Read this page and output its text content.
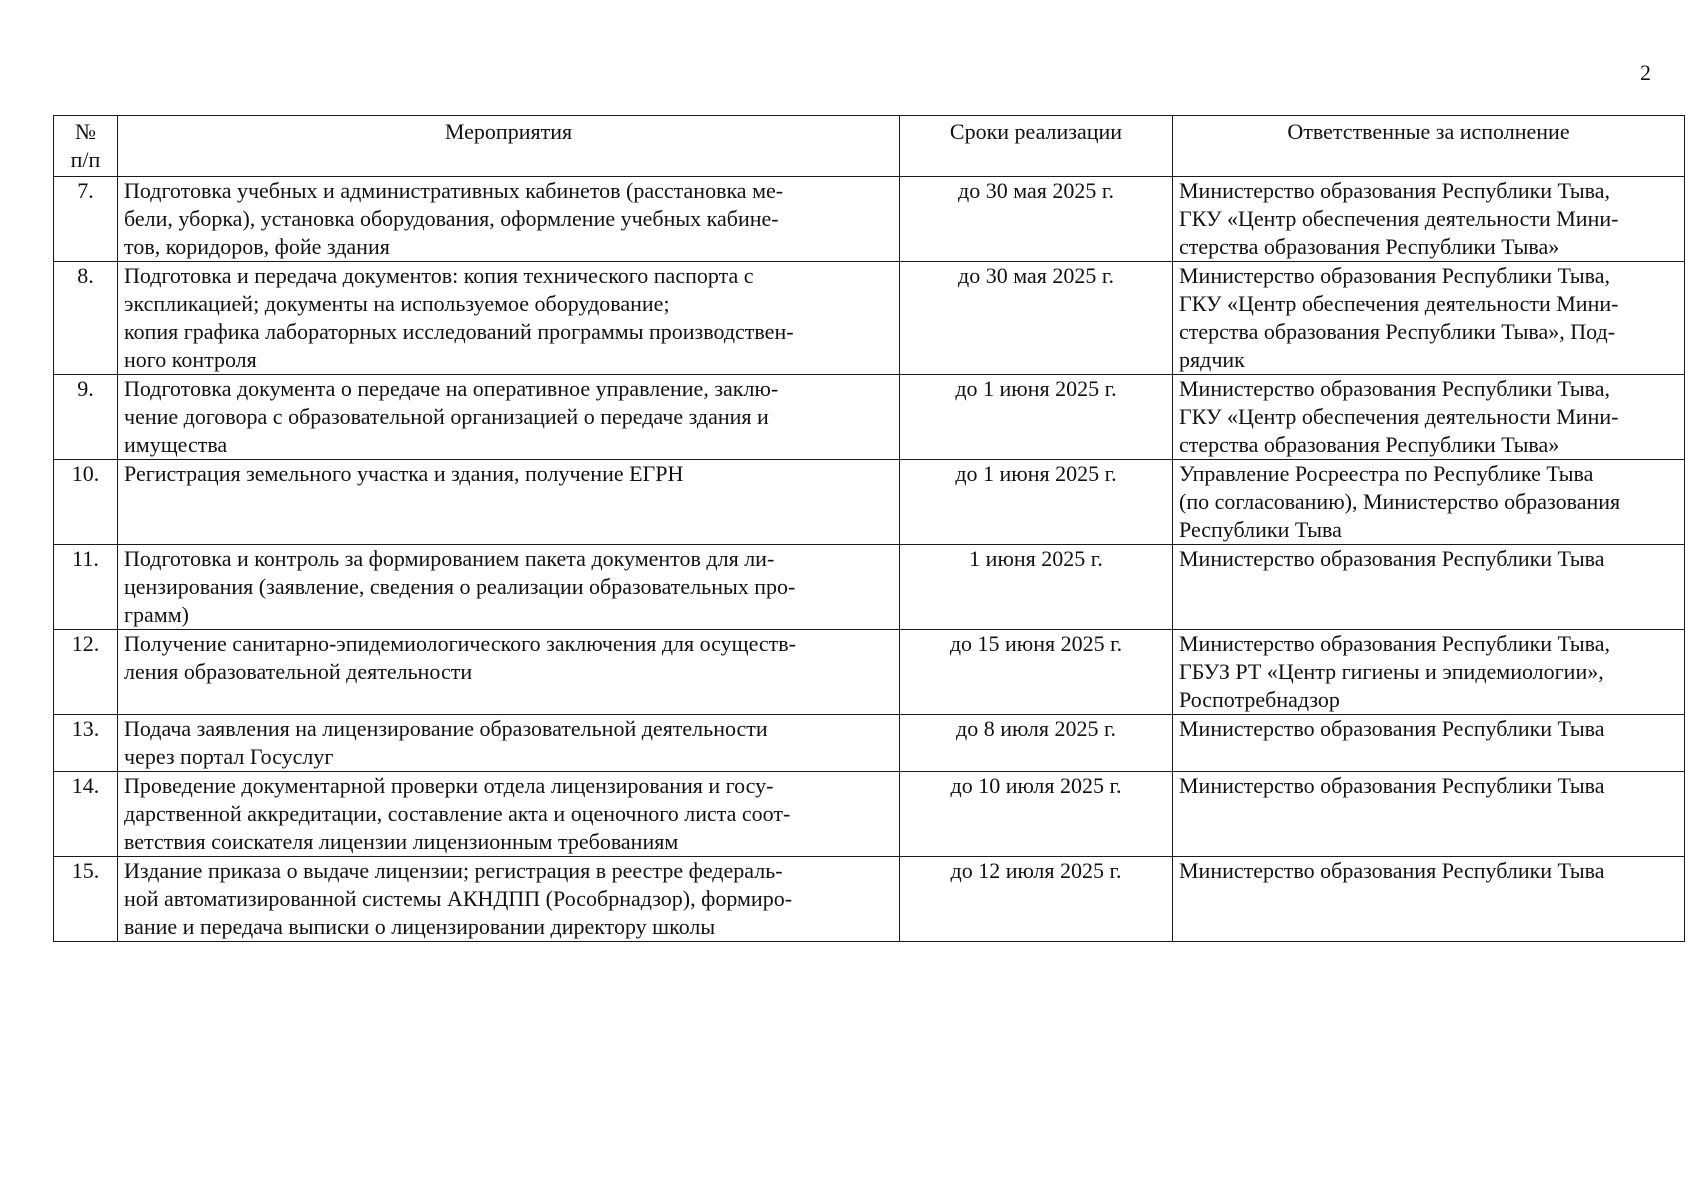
2
№
п/п	Мероприятия	Сроки реализации	Ответственные за исполнение
7.	Подготовка учебных и административных кабинетов (расстановка ме-
бели, уборка), установка оборудования, оформление учебных кабине-
тов, коридоров, фойе здания	до 30 мая 2025 г.	Министерство образования Республики Тыва,
ГКУ «Центр обеспечения деятельности Мини-
стерства образования Республики Тыва»

8.	Подготовка и передача документов: копия технического паспорта с
экспликацией; документы на используемое оборудование;
копия графика лабораторных исследований программы производствен-
ного контроля	до 30 мая 2025 г.	Министерство образования Республики Тыва,
ГКУ «Центр обеспечения деятельности Мини-
стерства образования Республики Тыва», Под-
рядчик

9.	Подготовка документа о передаче на оперативное управление, заклю-
чение договора с образовательной организацией о передаче здания и
имущества	до 1 июня 2025 г.	Министерство образования Республики Тыва,
ГКУ «Центр обеспечения деятельности Мини-
стерства образования Республики Тыва»

10.	Регистрация земельного участка и здания, получение ЕГРН	до 1 июня 2025 г.	Управление Росреестра по Республике Тыва
(по согласованию), Министерство образования
Республики Тыва

11.	Подготовка и контроль за формированием пакета документов для ли-
цензирования (заявление, сведения о реализации образовательных про-
грамм)	1 июня 2025 г.	Министерство образования Республики Тыва

12.	Получение санитарно-эпидемиологического заключения для осуществ-
ления образовательной деятельности	до 15 июня 2025 г.	Министерство образования Республики Тыва,
ГБУЗ РТ «Центр гигиены и эпидемиологии»,
Роспотребнадзор

13.	Подача заявления на лицензирование образовательной деятельности
через портал Госуслуг	до 8 июля 2025 г.	Министерство образования Республики Тыва

14.	Проведение документарной проверки отдела лицензирования и госу-
дарственной аккредитации, составление акта и оценочного листа соот-
ветствия соискателя лицензии лицензионным требованиям	до 10 июля 2025 г.	Министерство образования Республики Тыва

15.	Издание приказа о выдаче лицензии; регистрация в реестре федераль-
ной автоматизированной системы АКНДПП (Рособрнадзор), формиро-
вание и передача выписки о лицензировании директору школы	до 12 июля 2025 г.	Министерство образования Республики Тыва
